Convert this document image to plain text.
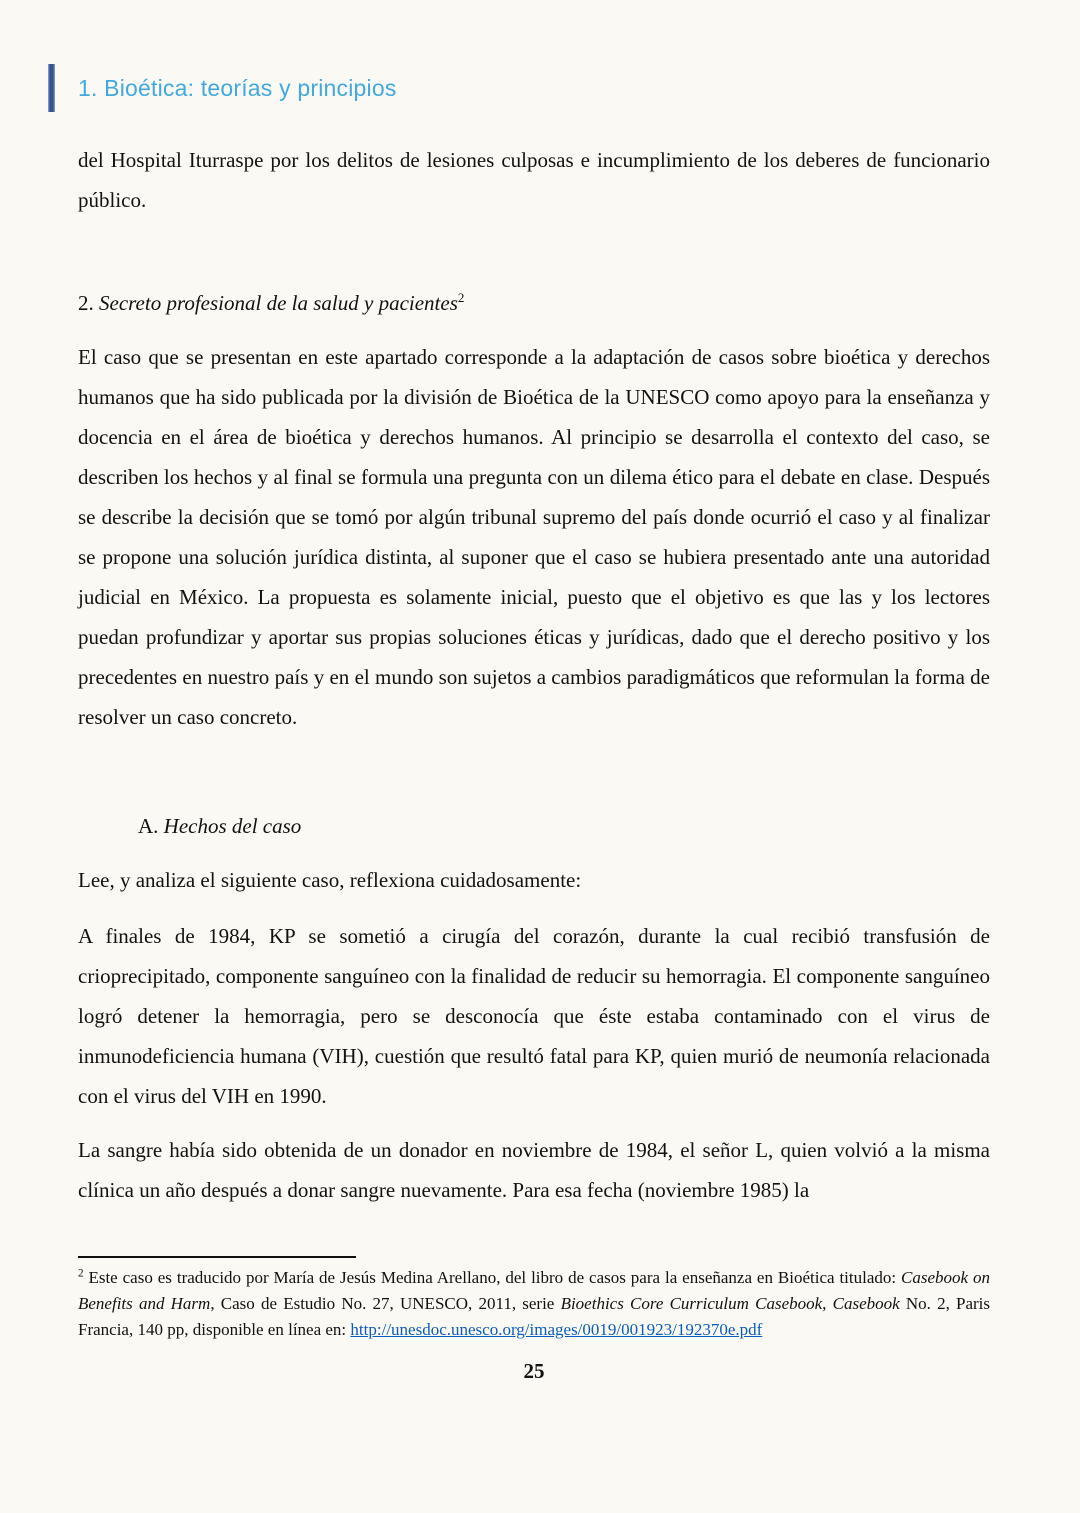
1. Bioética: teorías y principios

del Hospital Iturraspe por los delitos de lesiones culposas e incumplimiento de los deberes de funcionario público.

2. Secreto profesional de la salud y pacientes$^2$

El caso que se presentan en este apartado corresponde a la adaptación de casos sobre bioética y derechos humanos que ha sido publicada por la división de Bioética de la UNESCO como apoyo para la enseñanza y docencia en el área de bioética y derechos humanos. Al principio se desarrolla el contexto del caso, se describen los hechos y al final se formula una pregunta con un dilema ético para el debate en clase. Después se describe la decisión que se tomó por algún tribunal supremo del país donde ocurrió el caso y al finalizar se propone una solución jurídica distinta, al suponer que el caso se hubiera presentado ante una autoridad judicial en México. La propuesta es solamente inicial, puesto que el objetivo es que las y los lectores puedan profundizar y aportar sus propias soluciones éticas y jurídicas, dado que el derecho positivo y los precedentes en nuestro país y en el mundo son sujetos a cambios paradigmáticos que reformulan la forma de resolver un caso concreto.

A. Hechos del caso

Lee, y analiza el siguiente caso, reflexiona cuidadosamente:

A finales de 1984, KP se sometió a cirugía del corazón, durante la cual recibió transfusión de crioprecipitado, componente sanguíneo con la finalidad de reducir su hemorragia. El componente sanguíneo logró detener la hemorragia, pero se desconocía que éste estaba contaminado con el virus de inmunodeficiencia humana (VIH), cuestión que resultó fatal para KP, quien murió de neumonía relacionada con el virus del VIH en 1990.

La sangre había sido obtenida de un donador en noviembre de 1984, el señor L, quien volvió a la misma clínica un año después a donar sangre nuevamente. Para esa fecha (noviembre 1985) la

$^2$ Este caso es traducido por María de Jesús Medina Arellano, del libro de casos para la enseñanza en Bioética titulado: Casebook on Benefits and Harm, Caso de Estudio No. 27, UNESCO, 2011, serie Bioethics Core Curriculum Casebook, Casebook No. 2, Paris Francia, 140 pp, disponible en línea en: http://unesdoc.unesco.org/images/0019/001923/192370e.pdf

25
